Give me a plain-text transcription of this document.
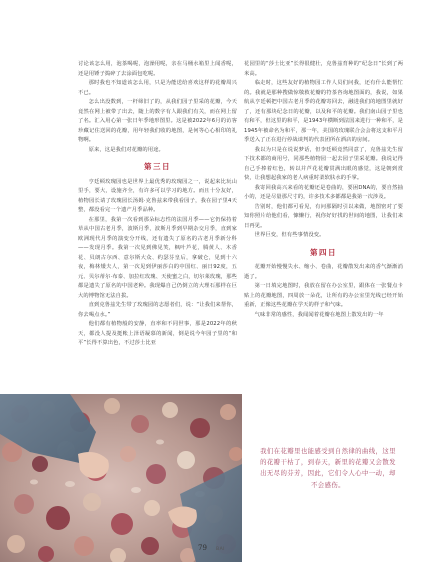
讨论该怎么用，泡茶喝呢，泡澡用呢，亲在马桶水箱里上闻香呢，还是用锤子捣碎了去涂面包吃呢。

那时我也不知道该怎么用，只是为能送给喜欢这样的花瓣周兴不已。

怎么出没数到，一杆筛旧了的，从我们园子里采的花瓣，今天竟然在网上被带了出去，随上的数字有人跟我们有关，而在网上留了名。汇入用心第一张日年季地形图里。这是被2022年6月的访客珍藏记住送回的花瓣，用年轻我们收的地图，是何等心心相印的礼物啊。

原来，这是我们对花瓣的用途。

第三日

亨廷顿玫瑰园也是世界上最优秀的玫瑰园之一，说起来比玩山里手，要大，设施齐全，有许多可以学习的地方。而且十分友好，植物园长请了玫瑰园长汤姆·克鲁兹来带我看园子，我在园子里4天整，都没看完一个遗产月季品种。

在那里，我第一次看到那朵标志性的法国月季——它仍保持着草从中国古老月季，波斯月季，波斯月季到早期杂交月季，直到家欧洲现代月季的演变分开线，还有遗失了原名的古老月季新分科——发现月季。我第一次见到佛见笑，枫叶芦花，腾黄人、木香花、贝朗古尔西、意尔斯大众、约瑟芬皇后，拿破仑，见到十六夜，梅林矮夫人，第一次见到伊丽莎白的中国红、丽日92度，五元、贝尔蒂尔·布泰、加拉红玫瑰、天使蜜之白，切尔莱玫瑰，那些都是遗失了原名的中国老种。我现爆自己仍倒立的大理石那样在巨大的博物馆无法自拔。

直到克鲁兹先生带了玫瑰园的志愿者们，说：“让我们来帮你，你去喝点水。”

他们都有植物般的安静，直率和不同世事，那是2022年的秋天，都没人提及挺帐上泽语凝慕的新闻，倒是说今年园子里的“和平”长得不算出色，不过莎士比亚

花园里的“莎士比亚”长得很健壮，克鲁兹育种的“纪念日”长到了两米高。

临走时，这些友好的植物园工作人员们问我，还有什么能帮忙的。我就是那种搜做惊敬救花瓣的符茶咨询地图面的，我说，如果航从亨廷顿把中国古老月季的花瓣寄回去，融进我们的地图里就好了，还有那块纪念日的花瓣，以及和平的花瓣。我们南山园子里也有和平，但这里的和平，是1943年横断到法国来进行一种和平，是1945年被命名为和平，那一年，美国的玫瑰联合会会将这支和平月季送入了正在进行停战谈判的代表团所在酒店的房间。

我以为只是在说说梦话，但李廷顿竟然同意了，克鲁兹先生留下技术都的商用号，同那些植物园一起去园子里采花瓣。我说记得自己手捧着红色，转以并芦花花瓣贯满出眼的感觉，这是朝到赏快，让我想起我家的老人病重时柔软肤水的手掌。

我寄回我高兴来看的花瓣还是卷曲的，要困DNA的，要自然抽小的，还是尽量那尺寸的，许多技术多都都是我第一次涉及。

告别时，他们都可看见，有问那隔时引以来做，地图密对了要知你照片给他们看，慷懒行，祝你好好找的世间的地图，让我们来日再见。

世界巨变，但有些事情没变。

第四日

花瓣开始慢慢失水、缩小、卷曲，花瓣散发出来的香气渐渐消逝了。

第一日填完地图时，我放在留在办公室里，跟体在一张餐点卡贴上的花瓣地图，四周放一朵花，让所有的办公室里光线已经开始重新，正像这些花瓣在学天的样子和气味。

气味非常的感性，我闻闻着花瓣在地图上散发出的一年

我们在花瓣里也能感受到自然律的曲线，这里的花瓣干枯了，到春天，新里的花瓣又会散发出无尽的芬芳，因此，它们令人心中一动，却不会感伤。
79 BAI
